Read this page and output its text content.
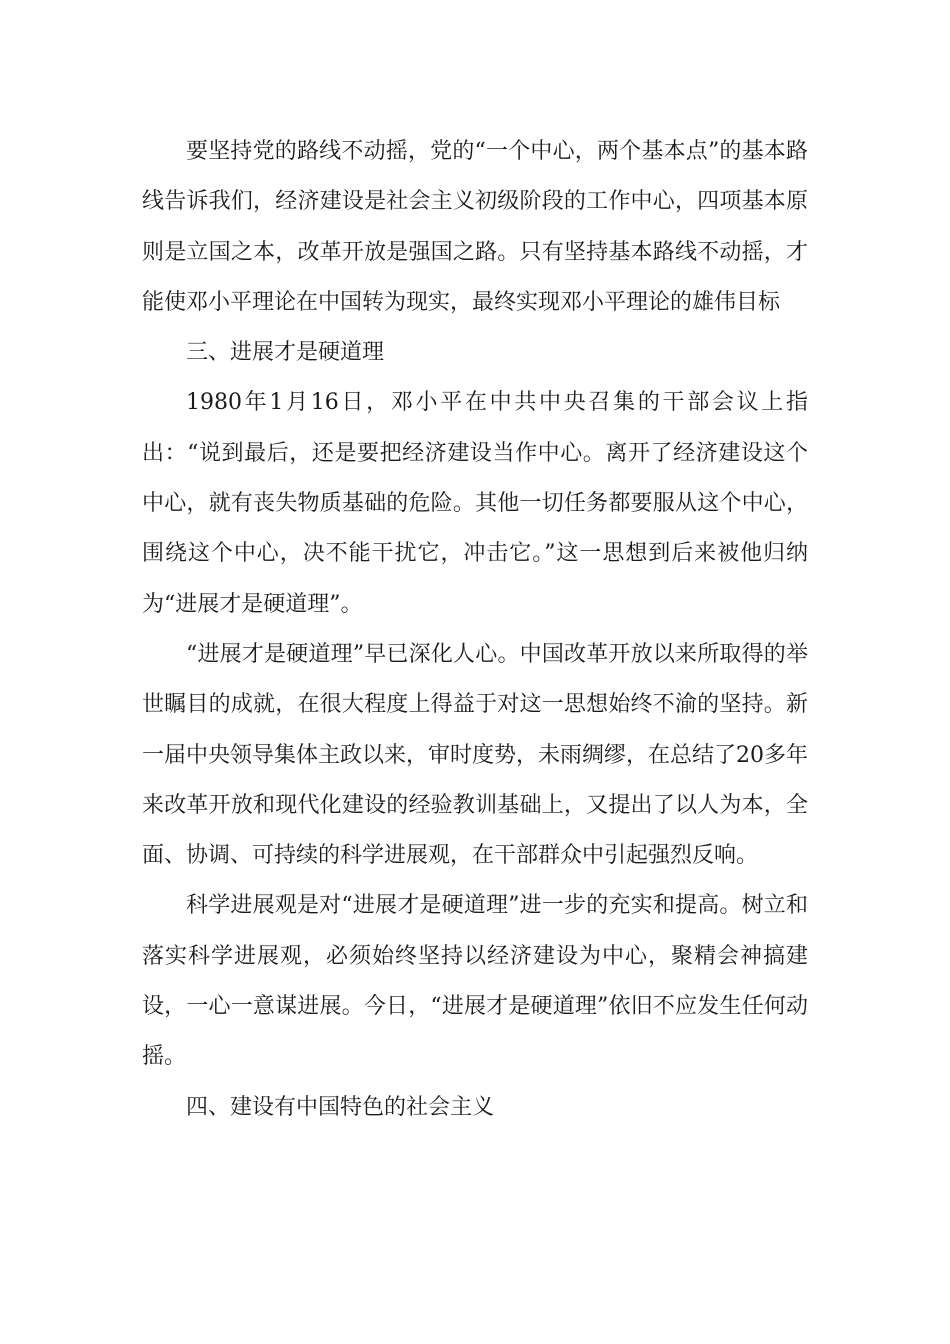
要坚持党的路线不动摇，党的“一个中心，两个基本点”的基本路线告诉我们，经济建设是社会主义初级阶段的工作中心，四项基本原则是立国之本，改革开放是强国之路。只有坚持基本路线不动摇，才能使邓小平理论在中国转为现实，最终实现邓小平理论的雄伟目标

三、进展才是硬道理

1980年1月16日，邓小平在中共中央召集的干部会议上指出：“说到最后，还是要把经济建设当作中心。离开了经济建设这个中心，就有丧失物质基础的危险。其他一切任务都要服从这个中心，围绕这个中心，决不能干扰它，冲击它。”这一思想到后来被他归纳为“进展才是硬道理”。

“进展才是硬道理”早已深化人心。中国改革开放以来所取得的举世瞩目的成就，在很大程度上得益于对这一思想始终不渝的坚持。新一届中央领导集体主政以来，审时度势，未雨绸缪，在总结了20多年来改革开放和现代化建设的经验教训基础上，又提出了以人为本，全面、协调、可持续的科学进展观，在干部群众中引起强烈反响。

科学进展观是对“进展才是硬道理”进一步的充实和提高。树立和落实科学进展观，必须始终坚持以经济建设为中心，聚精会神搞建设，一心一意谋进展。今日，“进展才是硬道理”依旧不应发生任何动摇。

四、建设有中国特色的社会主义
